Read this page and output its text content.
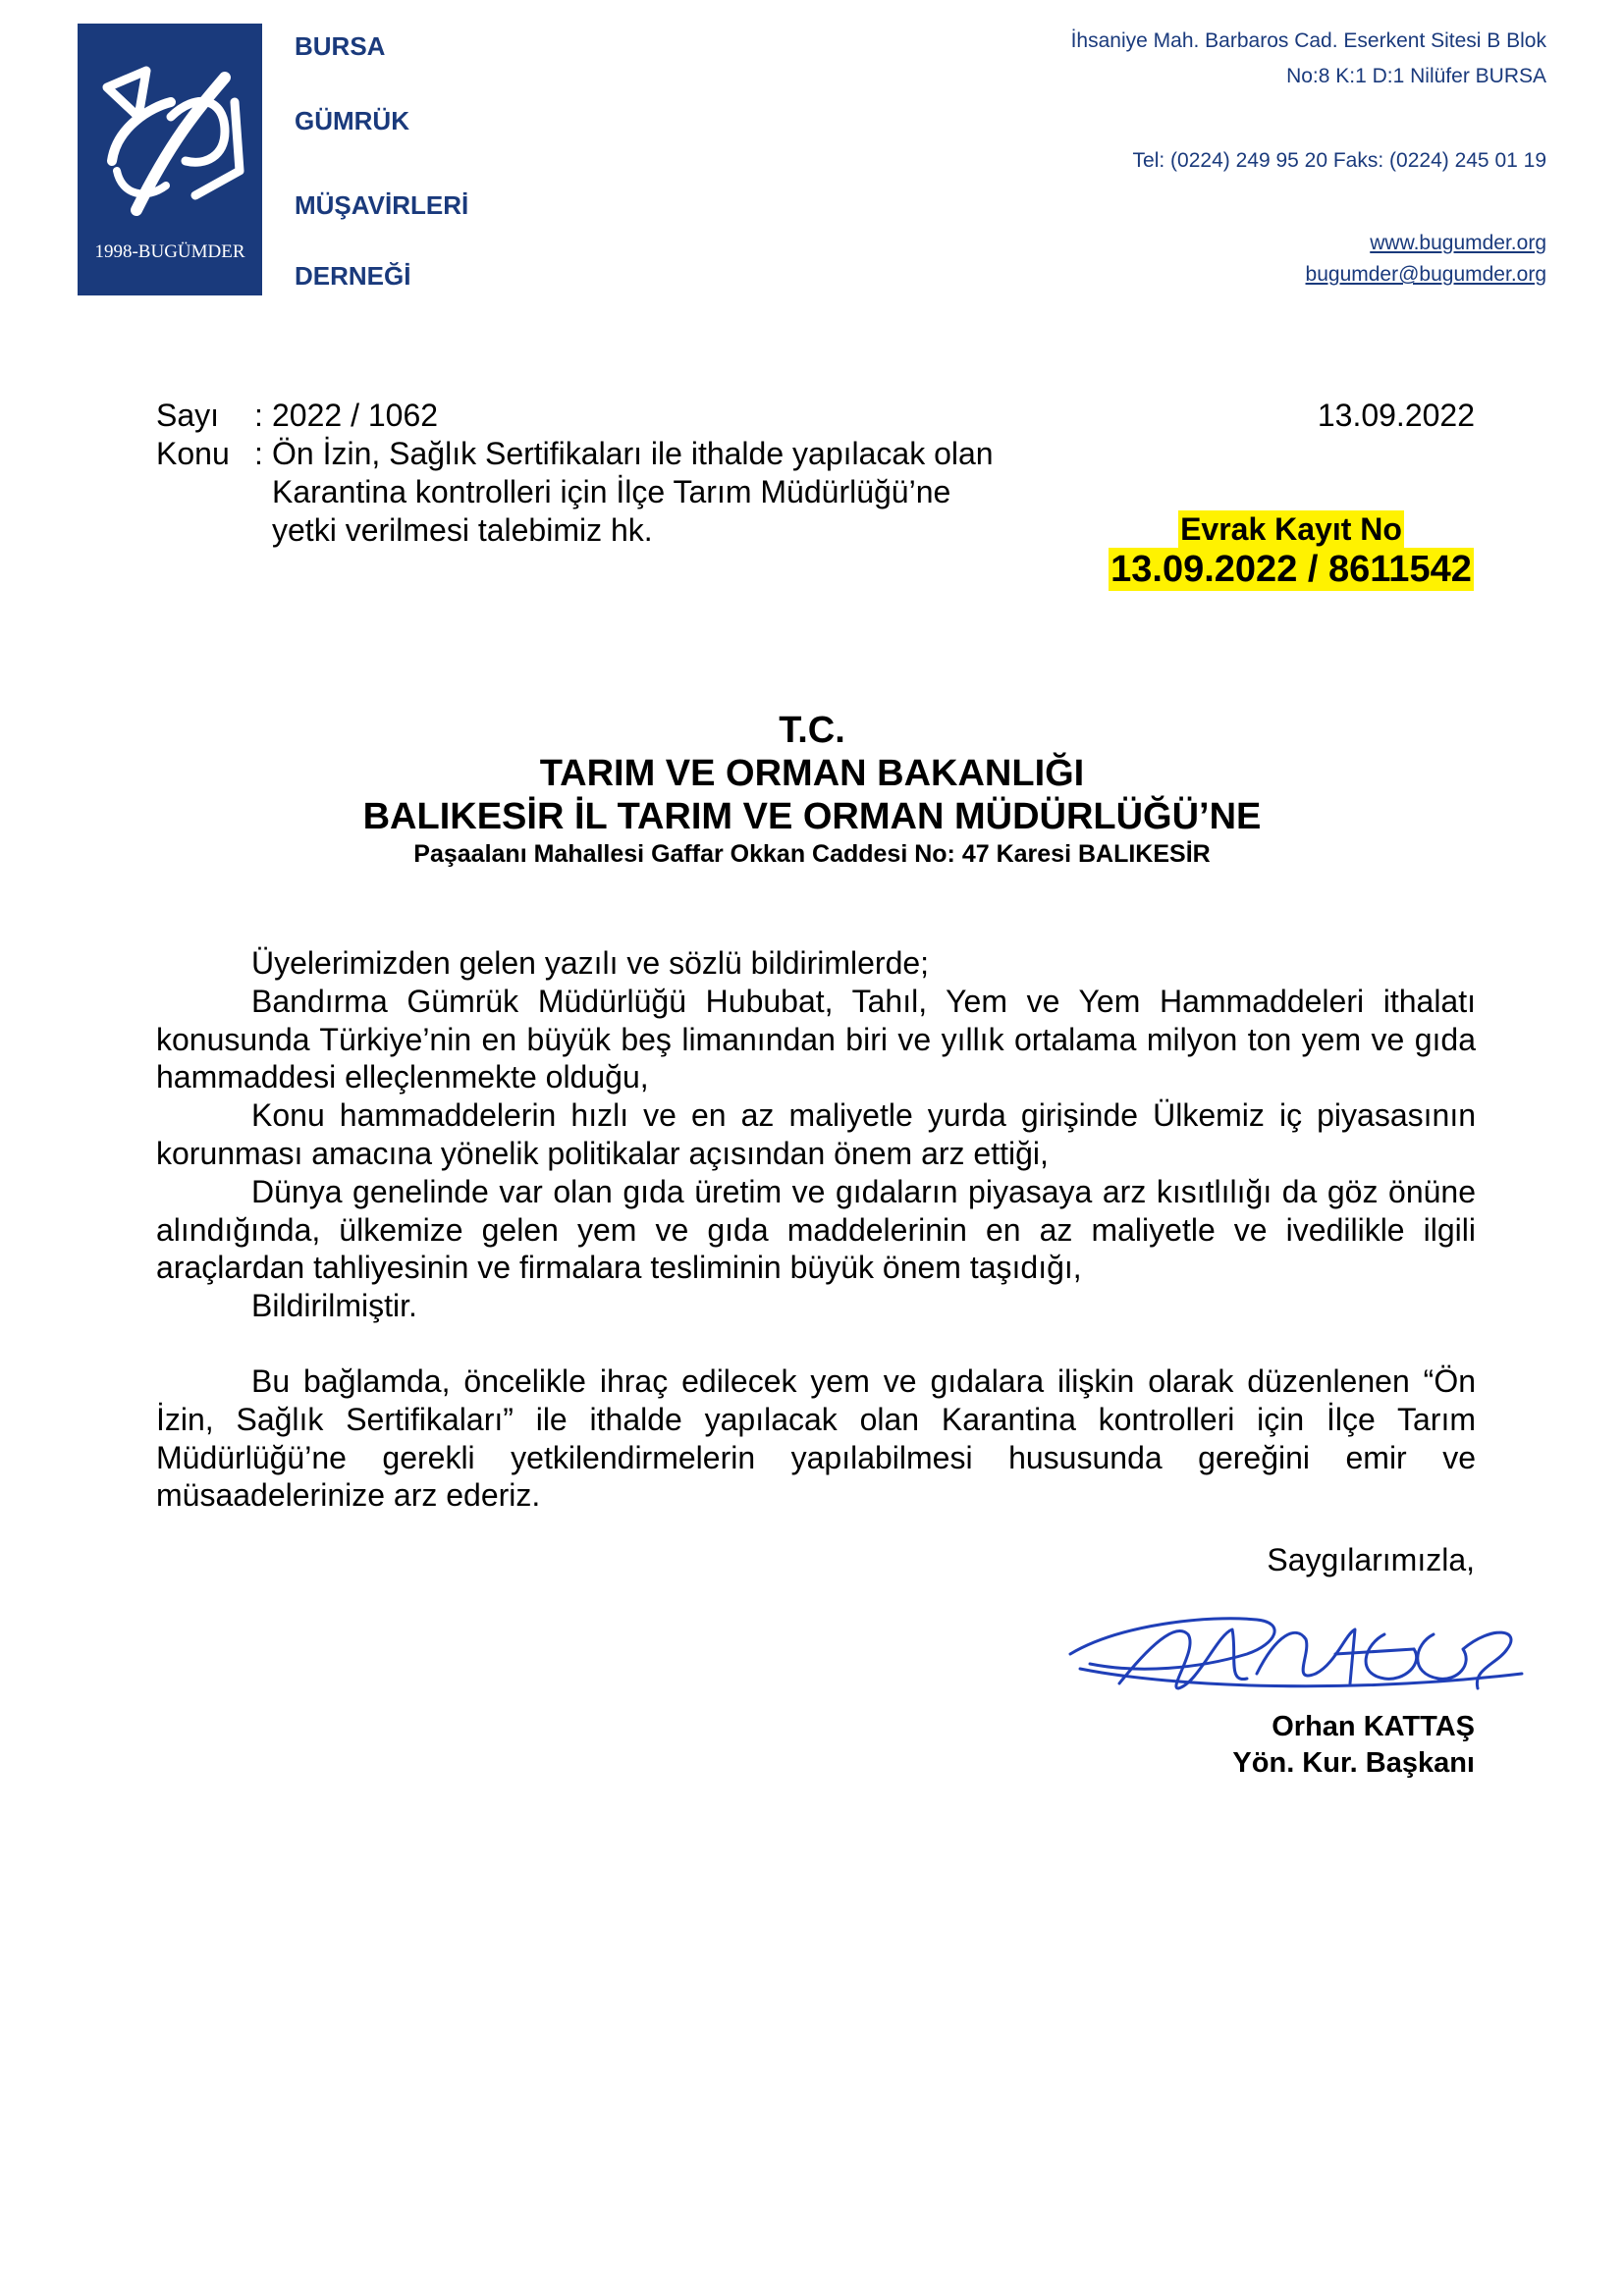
1998-BUGÜMDER
BURSA
GÜMRÜK
MÜŞAVİRLERİ
DERNEĞİ
İhsaniye Mah. Barbaros Cad. Eserkent Sitesi B Blok
No:8 K:1 D:1 Nilüfer BURSA
Tel: (0224) 249 95 20 Faks: (0224) 245 01 19
www.bugumder.org
bugumder@bugumder.org
Sayı : 2022 / 1062
Konu : Ön İzin, Sağlık Sertifikaları ile ithalde yapılacak olan
Karantina kontrolleri için İlçe Tarım Müdürlüğü’ne
yetki verilmesi talebimiz hk.
13.09.2022
Evrak Kayıt No
13.09.2022 / 8611542
T.C.
TARIM VE ORMAN BAKANLIĞI
BALIKESİR İL TARIM VE ORMAN MÜDÜRLÜĞÜ’NE
Paşaalanı Mahallesi Gaffar Okkan Caddesi No: 47 Karesi BALIKESİR

Üyelerimizden gelen yazılı ve sözlü bildirimlerde;

Bandırma Gümrük Müdürlüğü Hububat, Tahıl, Yem ve Yem Hammaddeleri ithalatı konusunda Türkiye’nin en büyük beş limanından biri ve yıllık ortalama milyon ton yem ve gıda hammaddesi elleçlenmekte olduğu,

Konu hammaddelerin hızlı ve en az maliyetle yurda girişinde Ülkemiz iç piyasasının korunması amacına yönelik politikalar açısından önem arz ettiği,

Dünya genelinde var olan gıda üretim ve gıdaların piyasaya arz kısıtlılığı da göz önüne alındığında, ülkemize gelen yem ve gıda maddelerinin en az maliyetle ve ivedilikle ilgili araçlardan tahliyesinin ve firmalara tesliminin büyük önem taşıdığı,

Bildirilmiştir.

Bu bağlamda, öncelikle ihraç edilecek yem ve gıdalara ilişkin olarak düzenlenen “Ön İzin, Sağlık Sertifikaları” ile ithalde yapılacak olan Karantina kontrolleri için İlçe Tarım Müdürlüğü’ne gerekli yetkilendirmelerin yapılabilmesi hususunda gereğini emir ve müsaadelerinize arz ederiz.

Saygılarımızla,
Orhan KATTAŞ
Yön. Kur. Başkanı
